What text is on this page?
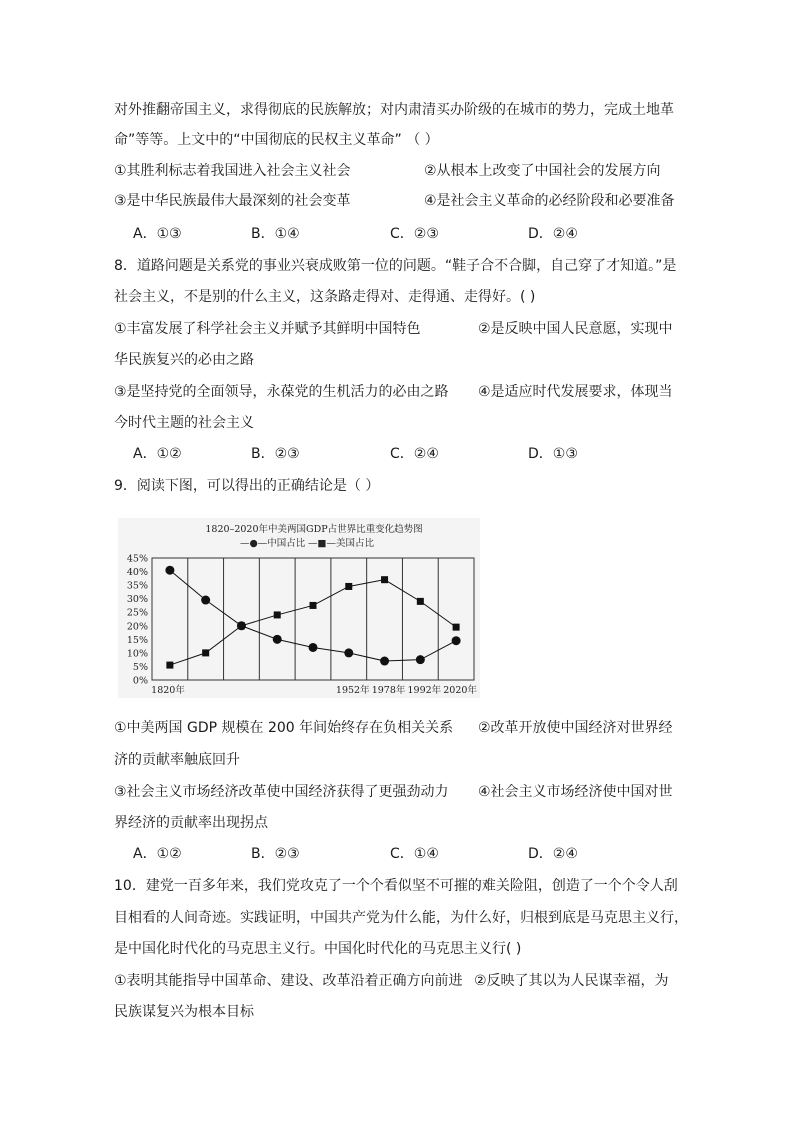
对外推翻帝国主义，求得彻底的民族解放；对内肃清买办阶级的在城市的势力，完成土地革
命”等等。上文中的“中国彻底的民权主义革命” （ ）
①其胜利标志着我国进入社会主义社会	②从根本上改变了中国社会的发展方向
③是中华民族最伟大最深刻的社会变革	④是社会主义革命的必经阶段和必要准备
A．①③	B．①④	C．②③	D．②④
8．道路问题是关系党的事业兴衰成败第一位的问题。“鞋子合不合脚，自己穿了才知道。”是
社会主义，不是别的什么主义，这条路走得对、走得通、走得好。( )
①丰富发展了科学社会主义并赋予其鲜明中国特色	②是反映中国人民意愿，实现中
华民族复兴的必由之路
③是坚持党的全面领导，永葆党的生机活力的必由之路 ④是适应时代发展要求，体现当
今时代主题的社会主义
A．①②	B．②③	C．②④	D．①③
9．阅读下图，可以得出的正确结论是（ ）
1820–2020年中美两国GDP占世界比重变化趋势图
—●—中国占比 —■—美国占比
45%
40%
35%
30%
25%
20%
15%
10%
5%
0%
1820年	1952年 1978年 1992年 2020年
①中美两国 GDP 规模在 200 年间始终存在负相关关系 ②改革开放使中国经济对世界经
济的贡献率触底回升
③社会主义市场经济改革使中国经济获得了更强劲动力 ④社会主义市场经济使中国对世
界经济的贡献率出现拐点
A．①②	B．②③	C．①④	D．②④
10．建党一百多年来，我们党攻克了一个个看似坚不可摧的难关险阻，创造了一个个令人刮
目相看的人间奇迹。实践证明，中国共产党为什么能，为什么好，归根到底是马克思主义行，
是中国化时代化的马克思主义行。中国化时代化的马克思主义行( )
①表明其能指导中国革命、建设、改革沿着正确方向前进 ②反映了其以为人民谋幸福，为
民族谋复兴为根本目标
